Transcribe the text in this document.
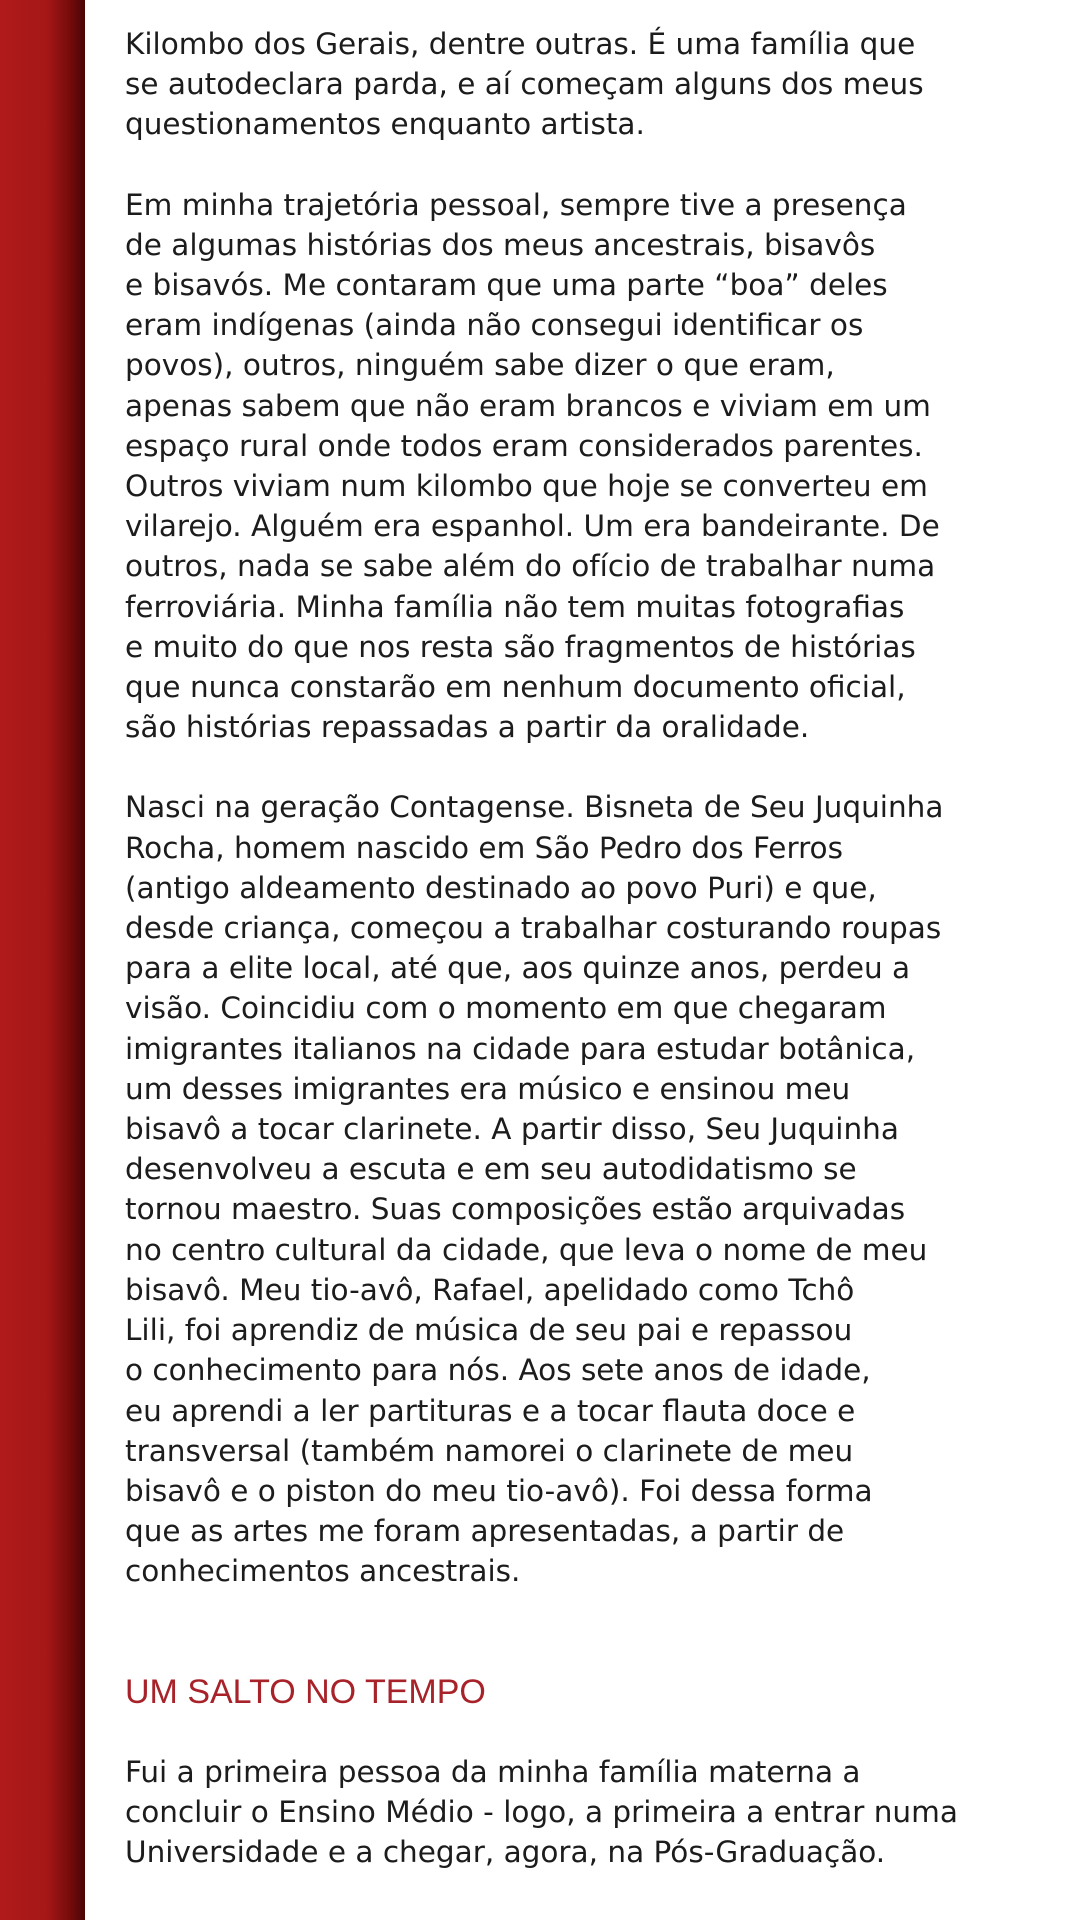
Kilombo dos Gerais, dentre outras. É uma família que
se autodeclara parda, e aí começam alguns dos meus
questionamentos enquanto artista.

Em minha trajetória pessoal, sempre tive a presença
de algumas histórias dos meus ancestrais, bisavôs
e bisavós. Me contaram que uma parte “boa” deles
eram indígenas (ainda não consegui identificar os
povos), outros, ninguém sabe dizer o que eram,
apenas sabem que não eram brancos e viviam em um
espaço rural onde todos eram considerados parentes.
Outros viviam num kilombo que hoje se converteu em
vilarejo. Alguém era espanhol. Um era bandeirante. De
outros, nada se sabe além do ofício de trabalhar numa
ferroviária. Minha família não tem muitas fotografias
e muito do que nos resta são fragmentos de histórias
que nunca constarão em nenhum documento oficial,
são histórias repassadas a partir da oralidade.

Nasci na geração Contagense. Bisneta de Seu Juquinha
Rocha, homem nascido em São Pedro dos Ferros
(antigo aldeamento destinado ao povo Puri) e que,
desde criança, começou a trabalhar costurando roupas
para a elite local, até que, aos quinze anos, perdeu a
visão. Coincidiu com o momento em que chegaram
imigrantes italianos na cidade para estudar botânica,
um desses imigrantes era músico e ensinou meu
bisavô a tocar clarinete. A partir disso, Seu Juquinha
desenvolveu a escuta e em seu autodidatismo se
tornou maestro. Suas composições estão arquivadas
no centro cultural da cidade, que leva o nome de meu
bisavô. Meu tio-avô, Rafael, apelidado como Tchô
Lili, foi aprendiz de música de seu pai e repassou
o conhecimento para nós. Aos sete anos de idade,
eu aprendi a ler partituras e a tocar flauta doce e
transversal (também namorei o clarinete de meu
bisavô e o piston do meu tio-avô). Foi dessa forma
que as artes me foram apresentadas, a partir de
conhecimentos ancestrais.

UM SALTO NO TEMPO

Fui a primeira pessoa da minha família materna a
concluir o Ensino Médio - logo, a primeira a entrar numa
Universidade e a chegar, agora, na Pós-Graduação.
